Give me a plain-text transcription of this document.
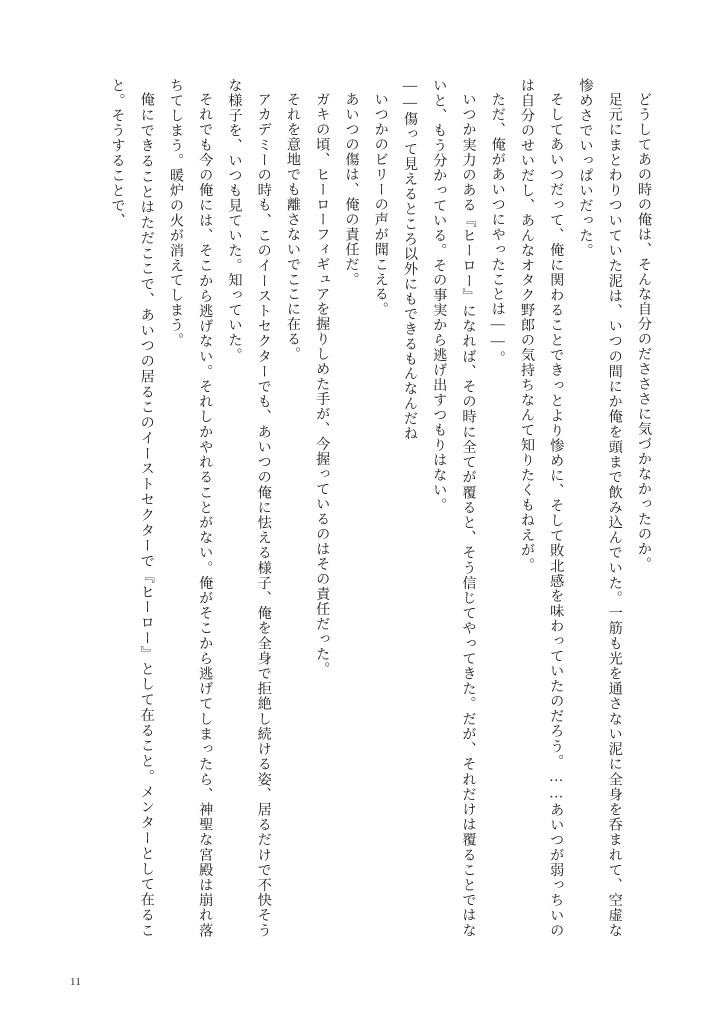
どうしてあの時の俺は、そんな自分のださささに気づかなかったのか。

足元にまとわりついていた泥は、いつの間にか俺を頭まで飲み込んでいた。一筋も光を通さない泥に全身を呑まれて、空虚な惨めさでいっぱいだった。

そしてあいつだって、俺に関わることできっとより惨めに、そして敗北感を味わっていたのだろう。……あいつが弱っちいのは自分のせいだし、あんなオタク野郎の気持ちなんて知りたくもねえが。

ただ、俺があいつにやったことは――。

いつか実力のある『ヒーロー』になれば、その時に全てが覆ると、そう信じてやってきた。だが、それだけは覆ることではないと、もう分かっている。その事実から逃げ出すつもりはない。

――傷って見えるところ以外にもできるもんなんだね

いつかのビリーの声が聞こえる。

あいつの傷は、俺の責任だ。

ガキの頃、ヒーローフィギュアを握りしめた手が、今握っているのはその責任だった。

それを意地でも離さないでここに在る。

アカデミーの時も、このイーストセクターでも、あいつの俺に怯える様子、俺を全身で拒絶し続ける姿、居るだけで不快そうな様子を、いつも見ていた。知っていた。

それでも今の俺には、そこから逃げない。それしかやれることがない。俺がそこから逃げてしまったら、神聖な宮殿は崩れ落ちてしまう。暖炉の火が消えてしまう。

俺にできることはただここで、あいつの居るこのイーストセクターで『ヒーロー』として在ること。メンターとして在ること。そうすることで、

11
